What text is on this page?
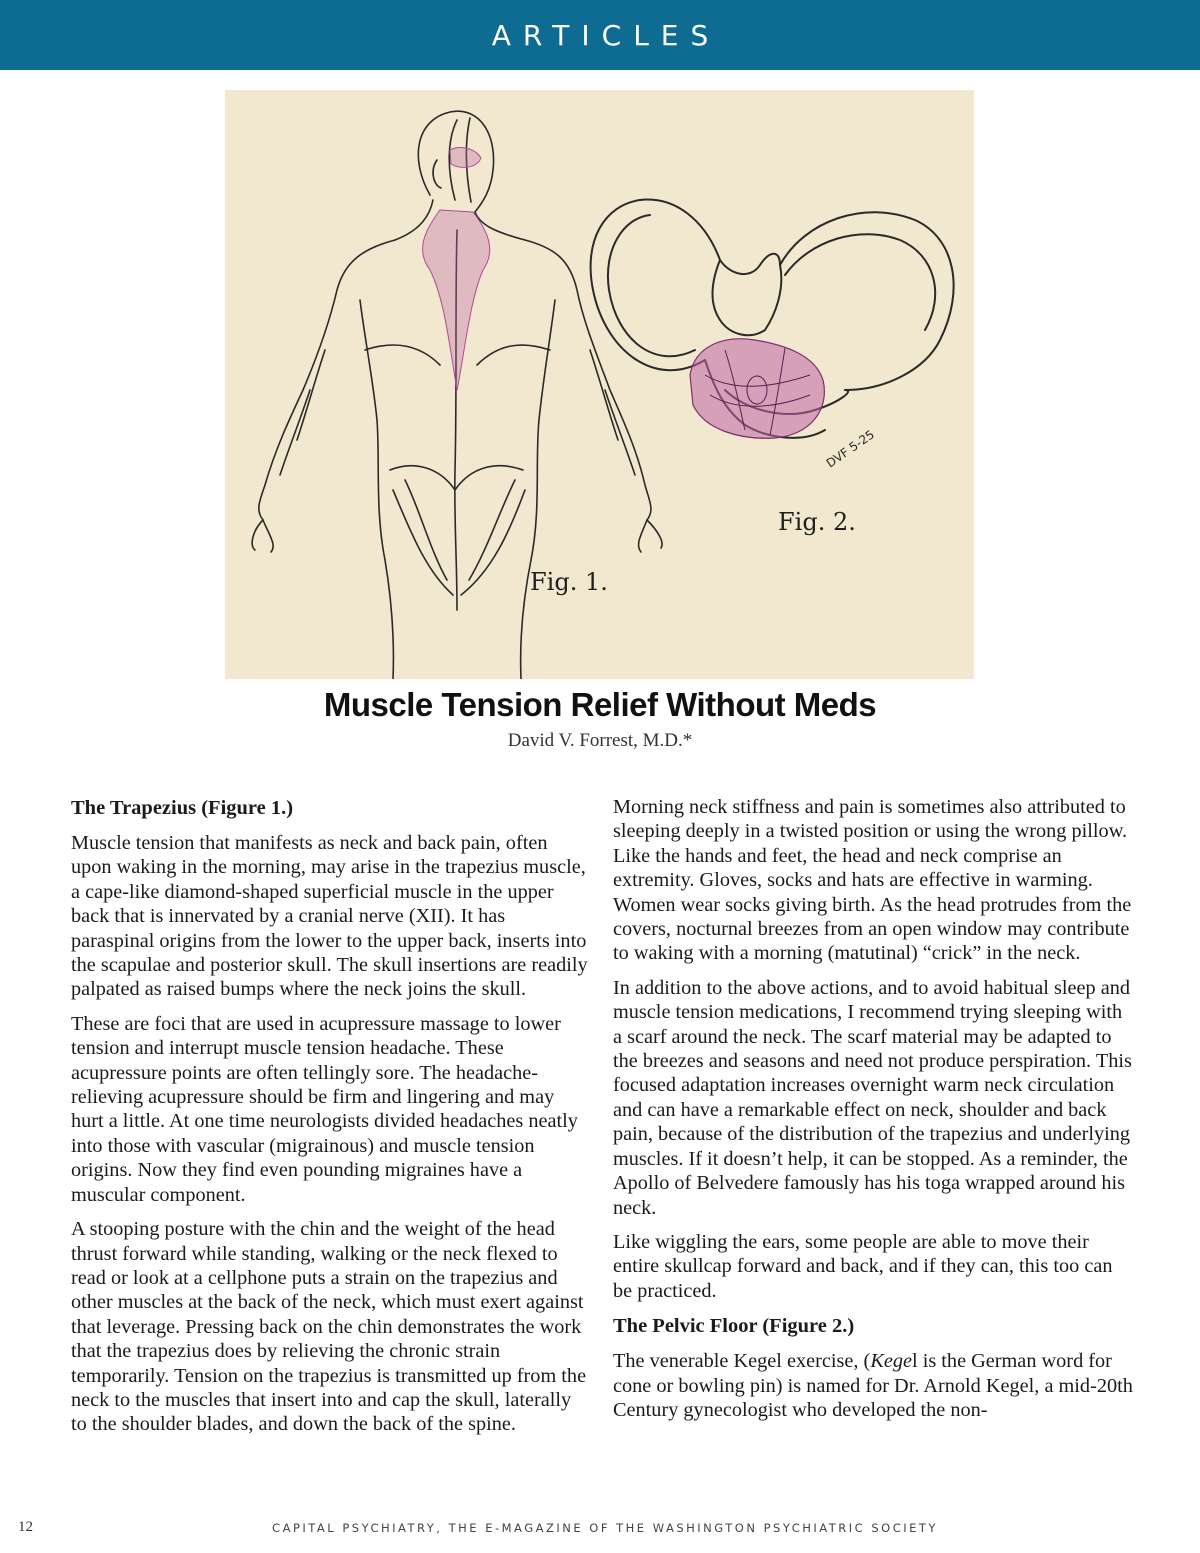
ARTICLES
Fig. 1.
Fig. 2.
DVF 5-25
Muscle Tension Relief Without Meds
David V. Forrest, M.D.*
The Trapezius (Figure 1.)

Muscle tension that manifests as neck and back pain, often upon waking in the morning, may arise in the trapezius muscle, a cape-like diamond-shaped superficial muscle in the upper back that is innervated by a cranial nerve (XII). It has paraspinal origins from the lower to the upper back, inserts into the scapulae and posterior skull. The skull insertions are readily palpated as raised bumps where the neck joins the skull.

These are foci that are used in acupressure massage to lower tension and interrupt muscle tension headache. These acupressure points are often tellingly sore. The headache-relieving acupressure should be firm and lingering and may hurt a little. At one time neurologists divided headaches neatly into those with vascular (migrainous) and muscle tension origins. Now they find even pounding migraines have a muscular component.

A stooping posture with the chin and the weight of the head thrust forward while standing, walking or the neck flexed to read or look at a cellphone puts a strain on the trapezius and other muscles at the back of the neck, which must exert against that leverage. Pressing back on the chin demonstrates the work that the trapezius does by relieving the chronic strain temporarily. Tension on the trapezius is transmitted up from the neck to the muscles that insert into and cap the skull, laterally to the shoulder blades, and down the back of the spine.

Morning neck stiffness and pain is sometimes also attributed to sleeping deeply in a twisted position or using the wrong pillow. Like the hands and feet, the head and neck comprise an extremity. Gloves, socks and hats are effective in warming. Women wear socks giving birth. As the head protrudes from the covers, nocturnal breezes from an open window may contribute to waking with a morning (matutinal) “crick” in the neck.

In addition to the above actions, and to avoid habitual sleep and muscle tension medications, I recommend trying sleeping with a scarf around the neck. The scarf material may be adapted to the breezes and seasons and need not produce perspiration. This focused adaptation increases overnight warm neck circulation and can have a remarkable effect on neck, shoulder and back pain, because of the distribution of the trapezius and underlying muscles. If it doesn’t help, it can be stopped. As a reminder, the Apollo of Belvedere famously has his toga wrapped around his neck.

Like wiggling the ears, some people are able to move their entire skullcap forward and back, and if they can, this too can be practiced.

The Pelvic Floor (Figure 2.)

The venerable Kegel exercise, (Kegel is the German word for cone or bowling pin) is named for Dr. Arnold Kegel, a mid-20th Century gynecologist who developed the non-

12	CAPITAL PSYCHIATRY, THE E-MAGAZINE OF THE WASHINGTON PSYCHIATRIC SOCIETY
